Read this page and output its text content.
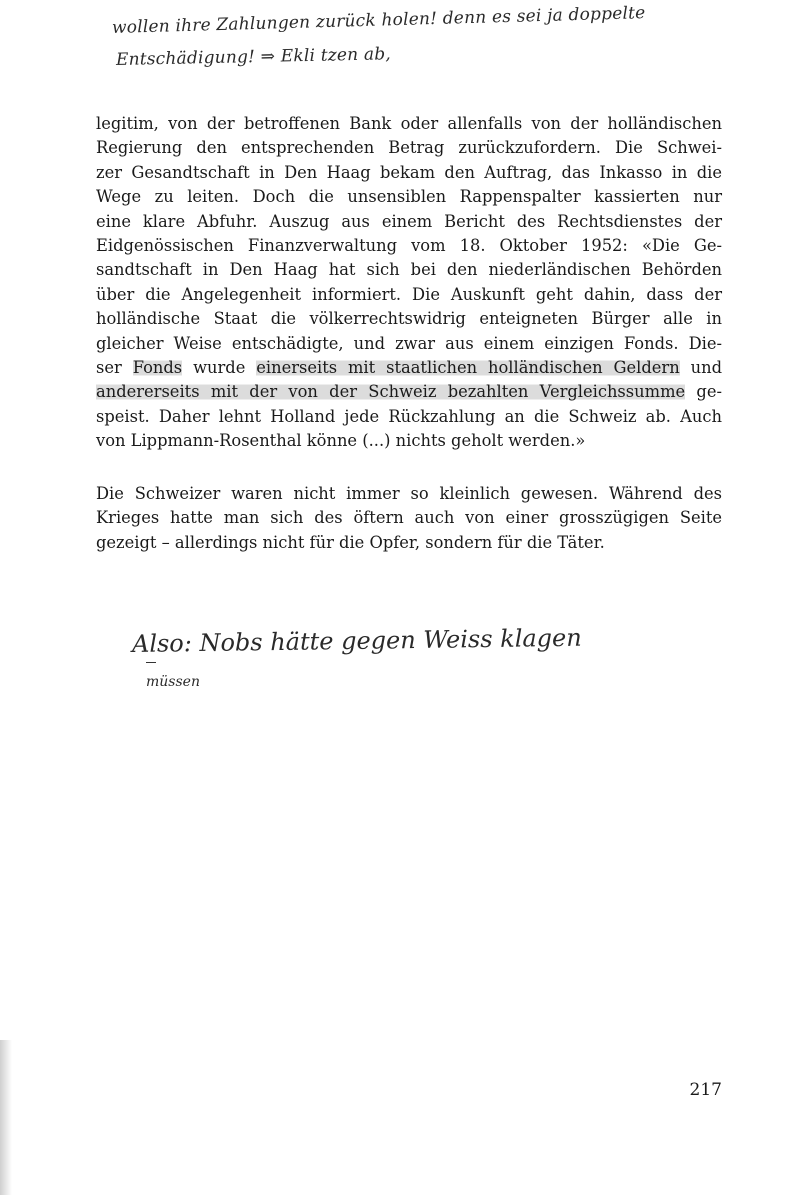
wollen ihre Zahlungen zurück holen! denn es sei ja doppelte
Entschädigung! ⇒ Ekli tzen ab,
legitim, von der betroffenen Bank oder allenfalls von der holländischen
Regierung den entsprechenden Betrag zurückzufordern. Die Schwei-
zer Gesandtschaft in Den Haag bekam den Auftrag, das Inkasso in die
Wege zu leiten. Doch die unsensiblen Rappenspalter kassierten nur
eine klare Abfuhr. Auszug aus einem Bericht des Rechtsdienstes der
Eidgenössischen Finanzverwaltung vom 18. Oktober 1952: «Die Ge-
sandtschaft in Den Haag hat sich bei den niederländischen Behörden
über die Angelegenheit informiert. Die Auskunft geht dahin, dass der
holländische Staat die völkerrechtswidrig enteigneten Bürger alle in
gleicher Weise entschädigte, und zwar aus einem einzigen Fonds. Die-
ser Fonds wurde einerseits mit staatlichen holländischen Geldern und
andererseits mit der von der Schweiz bezahlten Vergleichssumme ge-
speist. Daher lehnt Holland jede Rückzahlung an die Schweiz ab. Auch
von Lippmann-Rosenthal könne (...) nichts geholt werden.»
Die Schweizer waren nicht immer so kleinlich gewesen. Während des
Krieges hatte man sich des öftern auch von einer grosszügigen Seite
gezeigt – allerdings nicht für die Opfer, sondern für die Täter.
Also: Nobs hätte gegen Weiss klagen
müssen
217
